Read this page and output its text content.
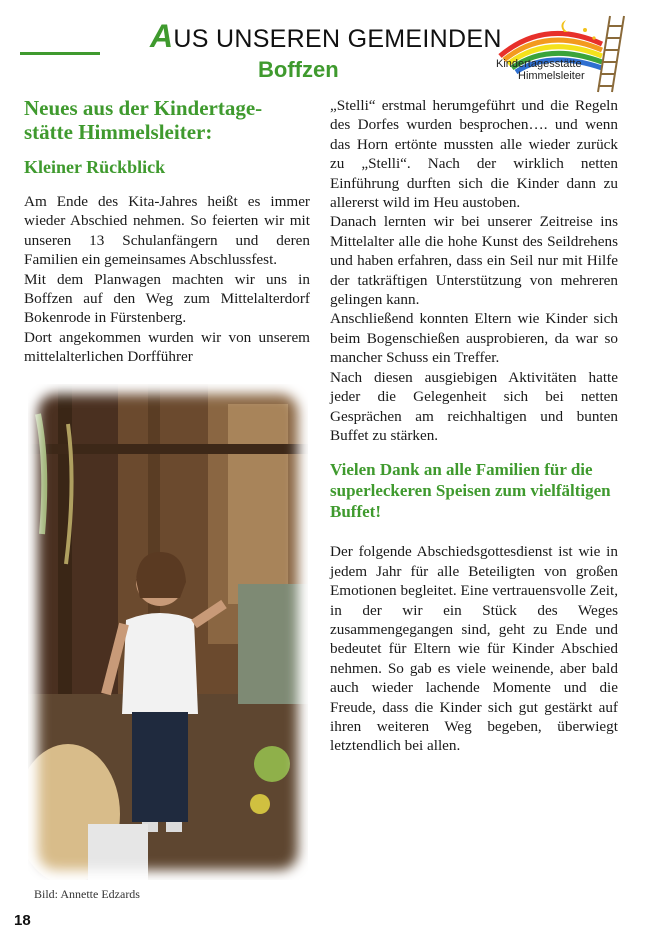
AUS UNSEREN GEMEINDEN
Boffzen	Kindertagesstätte
Himmelsleiter
Neues aus der Kindertage-stätte Himmelsleiter:
Kleiner Rückblick

Am Ende des Kita-Jahres heißt es immer wieder Abschied nehmen. So feierten wir mit unseren 13 Schulanfängern und deren Familien ein gemeinsames Abschlussfest.

Mit dem Planwagen machten wir uns in Boffzen auf den Weg zum Mittelalterdorf Bokenrode in Fürstenberg.

Dort angekommen wurden wir von unserem mittelalterlichen Dorfführer

Bild: Annette Edzards

„Stelli“ erstmal herumgeführt und die Regeln des Dorfes wurden besprochen…. und wenn das Horn ertönte mussten alle wieder zurück zu „Stelli“. Nach der wirklich netten Einführung durften sich die Kinder dann zu allererst wild im Heu austoben.

Danach lernten wir bei unserer Zeitreise ins Mittelalter alle die hohe Kunst des Seildrehens und haben erfahren, dass ein Seil nur mit Hilfe der tatkräftigen Unterstützung von mehreren gelingen kann.

Anschließend konnten Eltern wie Kinder sich beim Bogenschießen ausprobieren, da war so mancher Schuss ein Treffer.

Nach diesen ausgiebigen Aktivitäten hatte jeder die Gelegenheit sich bei netten Gesprächen am reichhaltigen und bunten Buffet zu stärken.

Vielen Dank an alle Familien für die superleckeren Speisen zum vielfältigen Buffet!

Der folgende Abschiedsgottesdienst ist wie in jedem Jahr für alle Beteiligten von großen Emotionen begleitet. Eine vertrauensvolle Zeit, in der wir ein Stück des Weges zusammengegangen sind, geht zu Ende und bedeutet für Eltern wie für Kinder Abschied nehmen. So gab es viele weinende, aber bald auch wieder lachende Momente und die Freude, dass die Kinder sich gut gestärkt auf ihren weiteren Weg begeben, überwiegt letztendlich bei allen.

18
